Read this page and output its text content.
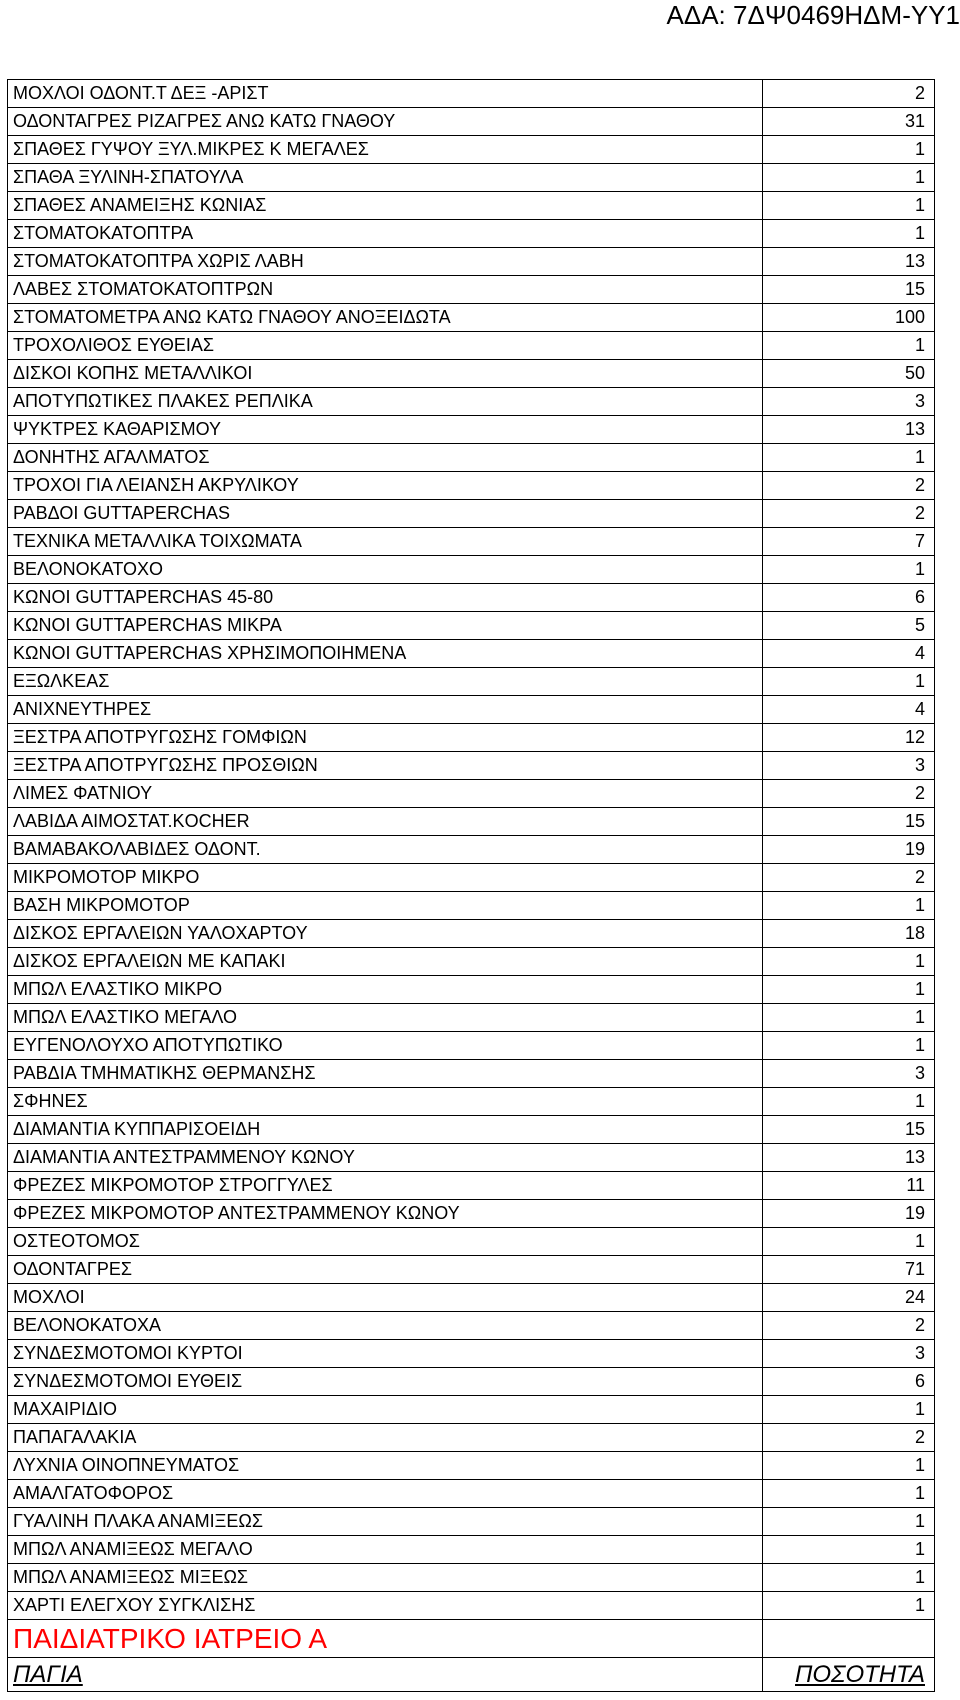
ΑΔΑ: 7ΔΨ0469ΗΔΜ-ΥΥ1
ΜΟΧΛΟΙ ΟΔΟΝΤ.Τ ΔΕΞ -ΑΡΙΣΤ	2
ΟΔΟΝΤΑΓΡΕΣ ΡΙΖΑΓΡΕΣ ΑΝΩ ΚΑΤΩ ΓΝΑΘΟΥ	31
ΣΠΑΘΕΣ ΓΥΨΟΥ ΞΥΛ.ΜΙΚΡΕΣ Κ ΜΕΓΑΛΕΣ	1
ΣΠΑΘΑ ΞΥΛΙΝΗ-ΣΠΑΤΟΥΛΑ	1
ΣΠΑΘΕΣ ΑΝΑΜΕΙΞΗΣ ΚΩΝΙΑΣ	1
ΣΤΟΜΑΤΟΚΑΤΟΠΤΡΑ	1
ΣΤΟΜΑΤΟΚΑΤΟΠΤΡΑ ΧΩΡΙΣ ΛΑΒΗ	13
ΛΑΒΕΣ ΣΤΟΜΑΤΟΚΑΤΟΠΤΡΩΝ	15
ΣΤΟΜΑΤΟΜΕΤΡΑ ΑΝΩ ΚΑΤΩ ΓΝΑΘΟΥ ΑΝΟΞΕΙΔΩΤΑ	100
ΤΡΟΧΟΛΙΘΟΣ ΕΥΘΕΙΑΣ	1
ΔΙΣΚΟΙ ΚΟΠΗΣ ΜΕΤΑΛΛΙΚΟΙ	50
ΑΠΟΤΥΠΩΤΙΚΕΣ ΠΛΑΚΕΣ ΡΕΠΛΙΚΑ	3
ΨΥΚΤΡΕΣ ΚΑΘΑΡΙΣΜΟΥ	13
ΔΟΝΗΤΗΣ ΑΓΑΛΜΑΤΟΣ	1
ΤΡΟΧΟΙ ΓΙΑ ΛΕΙΑΝΣΗ ΑΚΡΥΛΙΚΟΥ	2
ΡΑΒΔΟΙ GUTTAPERCHAS	2
ΤΕΧΝΙΚΑ ΜΕΤΑΛΛΙΚΑ ΤΟΙΧΩΜΑΤΑ	7
ΒΕΛΟΝΟΚΑΤΟΧΟ	1
ΚΩΝΟΙ GUTTAPERCHAS 45-80	6
ΚΩΝΟΙ GUTTAPERCHAS ΜΙΚΡΑ	5
ΚΩΝΟΙ GUTTAPERCHAS ΧΡΗΣΙΜΟΠΟΙΗΜΕΝΑ	4
ΕΞΩΛΚΕΑΣ	1
ΑΝΙΧΝΕΥΤΗΡΕΣ	4
ΞΕΣΤΡΑ ΑΠΟΤΡΥΓΩΣΗΣ ΓΟΜΦΙΩΝ	12
ΞΕΣΤΡΑ ΑΠΟΤΡΥΓΩΣΗΣ ΠΡΟΣΘΙΩΝ	3
ΛΙΜΕΣ ΦΑΤΝΙΟΥ	2
ΛΑΒΙΔΑ ΑΙΜΟΣΤΑΤ.KOCHER	15
ΒΑΜΑΒΑΚΟΛΑΒΙΔΕΣ ΟΔΟΝΤ.	19
ΜΙΚΡΟΜΟΤΟΡ ΜΙΚΡΟ	2
ΒΑΣΗ ΜΙΚΡΟΜΟΤΟΡ	1
ΔΙΣΚΟΣ ΕΡΓΑΛΕΙΩΝ ΥΑΛΟΧΑΡΤΟΥ	18
ΔΙΣΚΟΣ ΕΡΓΑΛΕΙΩΝ ΜΕ ΚΑΠΑΚΙ	1
ΜΠΩΛ ΕΛΑΣΤΙΚΟ ΜΙΚΡΟ	1
ΜΠΩΛ ΕΛΑΣΤΙΚΟ ΜΕΓΑΛΟ	1
ΕΥΓΕΝΟΛΟΥΧΟ ΑΠΟΤΥΠΩΤΙΚΟ	1
ΡΑΒΔΙΑ ΤΜΗΜΑΤΙΚΗΣ ΘΕΡΜΑΝΣΗΣ	3
ΣΦΗΝΕΣ	1
ΔΙΑΜΑΝΤΙΑ ΚΥΠΠΑΡΙΣΟΕΙΔΗ	15
ΔΙΑΜΑΝΤΙΑ ΑΝΤΕΣΤΡΑΜΜΕΝΟΥ ΚΩΝΟΥ	13
ΦΡΕΖΕΣ ΜΙΚΡΟΜΟΤΟΡ ΣΤΡΟΓΓΥΛΕΣ	11
ΦΡΕΖΕΣ ΜΙΚΡΟΜΟΤΟΡ ΑΝΤΕΣΤΡΑΜΜΕΝΟΥ ΚΩΝΟΥ	19
ΟΣΤΕΟΤΟΜΟΣ	1
ΟΔΟΝΤΑΓΡΕΣ	71
ΜΟΧΛΟΙ	24
ΒΕΛΟΝΟΚΑΤΟΧΑ	2
ΣΥΝΔΕΣΜΟΤΟΜΟΙ ΚΥΡΤΟΙ	3
ΣΥΝΔΕΣΜΟΤΟΜΟΙ ΕΥΘΕΙΣ	6
ΜΑΧΑΙΡΙΔΙΟ	1
ΠΑΠΑΓΑΛΑΚΙΑ	2
ΛΥΧΝΙΑ ΟΙΝΟΠΝΕΥΜΑΤΟΣ	1
ΑΜΑΛΓΑΤΟΦΟΡΟΣ	1
ΓΥΑΛΙΝΗ ΠΛΑΚΑ ΑΝΑΜΙΞΕΩΣ	1
ΜΠΩΛ ΑΝΑΜΙΞΕΩΣ ΜΕΓΑΛΟ	1
ΜΠΩΛ ΑΝΑΜΙΞΕΩΣ ΜΙΞΕΩΣ	1
ΧΑΡΤΙ ΕΛΕΓΧΟΥ ΣΥΓΚΛΙΣΗΣ	1
ΠΑΙΔΙΑΤΡΙΚΟ ΙΑΤΡΕΙΟ Α	
ΠΑΓΙΑ	ΠΟΣΟΤΗΤΑ
